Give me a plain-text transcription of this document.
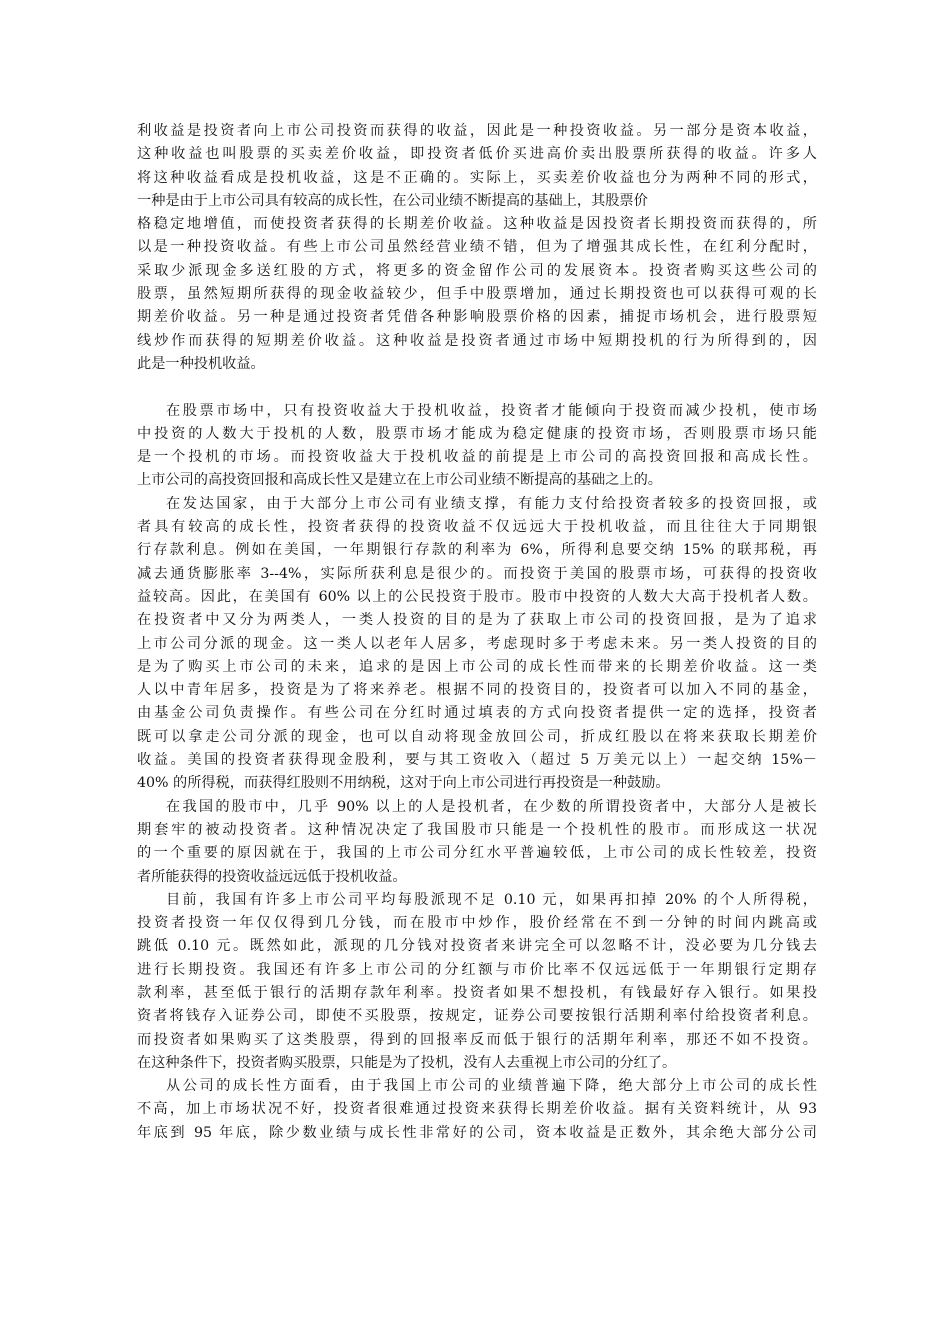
利收益是投资者向上市公司投资而获得的收益，因此是一种投资收益。另一部分是资本收益，
这种收益也叫股票的买卖差价收益，即投资者低价买进高价卖出股票所获得的收益。许多人
将这种收益看成是投机收益，这是不正确的。实际上，买卖差价收益也分为两种不同的形式，
一种是由于上市公司具有较高的成长性，在公司业绩不断提高的基础上，其股票价
格稳定地增值，而使投资者获得的长期差价收益。这种收益是因投资者长期投资而获得的，所
以是一种投资收益。有些上市公司虽然经营业绩不错，但为了增强其成长性，在红利分配时，
采取少派现金多送红股的方式，将更多的资金留作公司的发展资本。投资者购买这些公司的
股票，虽然短期所获得的现金收益较少，但手中股票增加，通过长期投资也可以获得可观的长
期差价收益。另一种是通过投资者凭借各种影响股票价格的因素，捕捉市场机会，进行股票短
线炒作而获得的短期差价收益。这种收益是投资者通过市场中短期投机的行为所得到的，因
此是一种投机收益。
在股票市场中，只有投资收益大于投机收益，投资者才能倾向于投资而减少投机，使市场
中投资的人数大于投机的人数，股票市场才能成为稳定健康的投资市场，否则股票市场只能
是一个投机的市场。而投资收益大于投机收益的前提是上市公司的高投资回报和高成长性。
上市公司的高投资回报和高成长性又是建立在上市公司业绩不断提高的基础之上的。
在发达国家，由于大部分上市公司有业绩支撑，有能力支付给投资者较多的投资回报，或
者具有较高的成长性，投资者获得的投资收益不仅远远大于投机收益，而且往往大于同期银
行存款利息。例如在美国，一年期银行存款的利率为 6%，所得利息要交纳 15% 的联邦税，再
减去通货膨胀率 3--4%，实际所获利息是很少的。而投资于美国的股票市场，可获得的投资收
益较高。因此，在美国有 60% 以上的公民投资于股市。股市中投资的人数大大高于投机者人数。
在投资者中又分为两类人，一类人投资的目的是为了获取上市公司的投资回报，是为了追求
上市公司分派的现金。这一类人以老年人居多，考虑现时多于考虑未来。另一类人投资的目的
是为了购买上市公司的未来，追求的是因上市公司的成长性而带来的长期差价收益。这一类
人以中青年居多，投资是为了将来养老。根据不同的投资目的，投资者可以加入不同的基金，
由基金公司负责操作。有些公司在分红时通过填表的方式向投资者提供一定的选择，投资者
既可以拿走公司分派的现金，也可以自动将现金放回公司，折成红股以在将来获取长期差价
收益。美国的投资者获得现金股利，要与其工资收入（超过 5 万美元以上）一起交纳 15%－
40% 的所得税，而获得红股则不用纳税，这对于向上市公司进行再投资是一种鼓励。
在我国的股市中，几乎 90% 以上的人是投机者，在少数的所谓投资者中，大部分人是被长
期套牢的被动投资者。这种情况决定了我国股市只能是一个投机性的股市。而形成这一状况
的一个重要的原因就在于，我国的上市公司分红水平普遍较低，上市公司的成长性较差，投资
者所能获得的投资收益远远低于投机收益。
目前，我国有许多上市公司平均每股派现不足 0.10 元，如果再扣掉 20% 的个人所得税，
投资者投资一年仅仅得到几分钱，而在股市中炒作，股价经常在不到一分钟的时间内跳高或
跳低 0.10 元。既然如此，派现的几分钱对投资者来讲完全可以忽略不计，没必要为几分钱去
进行长期投资。我国还有许多上市公司的分红额与市价比率不仅远远低于一年期银行定期存
款利率，甚至低于银行的活期存款年利率。投资者如果不想投机，有钱最好存入银行。如果投
资者将钱存入证券公司，即使不买股票，按规定，证券公司要按银行活期利率付给投资者利息。
而投资者如果购买了这类股票，得到的回报率反而低于银行的活期年利率，那还不如不投资。
在这种条件下，投资者购买股票，只能是为了投机，没有人去重视上市公司的分红了。
从公司的成长性方面看，由于我国上市公司的业绩普遍下降，绝大部分上市公司的成长性
不高，加上市场状况不好，投资者很难通过投资来获得长期差价收益。据有关资料统计，从 93
年底到 95 年底，除少数业绩与成长性非常好的公司，资本收益是正数外，其余绝大部分公司
